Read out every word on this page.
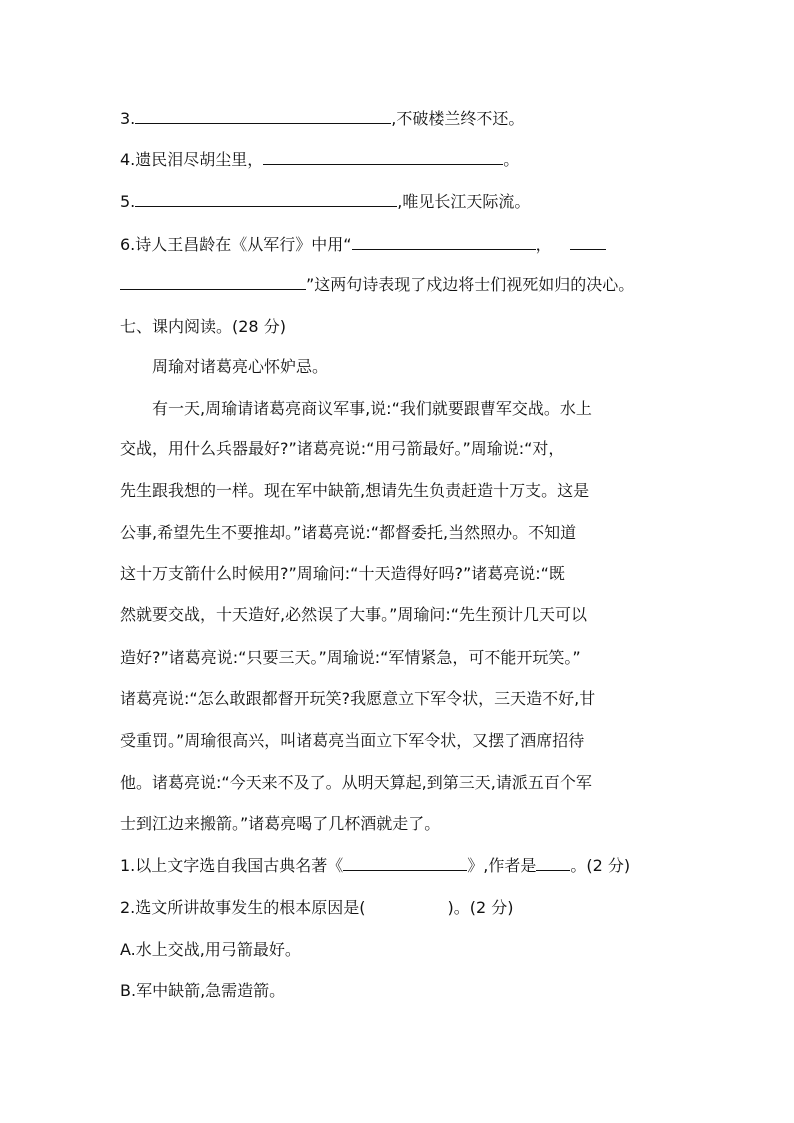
3.	,不破楼兰终不还。
4.遗民泪尽胡尘里，	。
5.	,唯见长江天际流。
6.诗人王昌龄在《从军行》中用“	，
”这两句诗表现了戍边将士们视死如归的决心。
七、课内阅读。(28 分)
周瑜对诸葛亮心怀妒忌。
有一天,周瑜请诸葛亮商议军事,说:“我们就要跟曹军交战。水上
交战，用什么兵器最好?”诸葛亮说:“用弓箭最好。”周瑜说:“对，
先生跟我想的一样。现在军中缺箭,想请先生负责赶造十万支。这是
公事,希望先生不要推却。”诸葛亮说:“都督委托,当然照办。不知道
这十万支箭什么时候用?”周瑜问:“十天造得好吗?”诸葛亮说:“既
然就要交战，十天造好,必然误了大事。”周瑜问:“先生预计几天可以
造好?”诸葛亮说:“只要三天。”周瑜说:“军情紧急，可不能开玩笑。”
诸葛亮说:“怎么敢跟都督开玩笑?我愿意立下军令状，三天造不好,甘
受重罚。”周瑜很高兴，叫诸葛亮当面立下军令状，又摆了酒席招待
他。诸葛亮说:“今天来不及了。从明天算起,到第三天,请派五百个军
士到江边来搬箭。”诸葛亮喝了几杯酒就走了。
1.以上文字选自我国古典名著《	》,作者是 。(2 分)
2.选文所讲故事发生的根本原因是(	)。(2 分)
A.水上交战,用弓箭最好。
B.军中缺箭,急需造箭。
